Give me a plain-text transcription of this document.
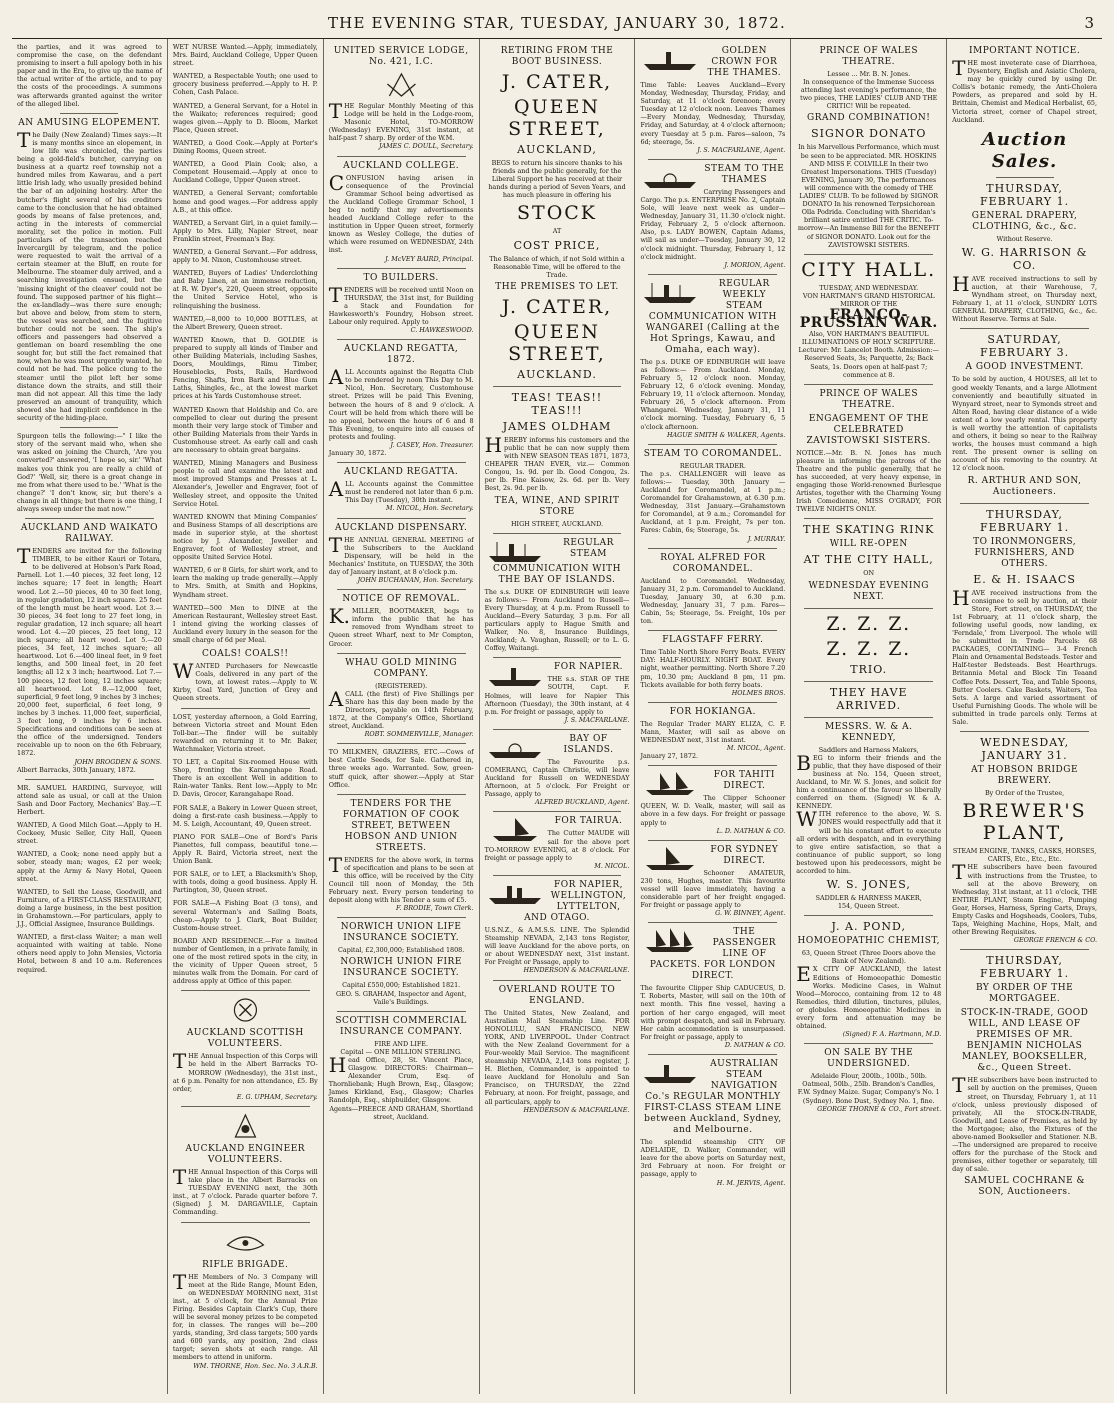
THE EVENING STAR, TUESDAY, JANUARY 30, 1872.	3
the parties, and it was agreed to compromise the case, on the defendant promising to insert a full apology both in his paper and in the Era, to give up the name of the actual writer of the article, and to pay the costs of the proceedings. A summons was afterwards granted against the writer of the alleged libel.
AN AMUSING ELOPEMENT.
The Daily (New Zealand) Times says:—It is many months since an elopement, in low life was chronicled, the parties being a gold-field's butcher, carrying on business at a quartz reef township not a hundred miles from Kawarau, and a pert little Irish lady, who usually presided behind the bar of an adjoining hostelry. After the butcher's flight several of his creditors came to the conclusion that he had obtained goods by means of false pretences, and, acting in the interests of commercial morality, set the police in motion. Full particulars of the transaction reached Invercargill by telegram, and the police were requested to wait the arrival of a certain steamer at the Bluff, en route for Melbourne. The steamer duly arrived, and a searching investigation ensued, but the 'missing knight of the cleaver' could not be found. The supposed partner of his flight—the ex-landlady—was there sure enough; but above and below, from stem to stern, the vessel was searched, and the fugitive butcher could not be seen. The ship's officers and passengers had observed a gentleman on board resembling the one sought for, but still the fact remained that now, when he was most urgently wanted, he could not be had. The police clung to the steamer until the pilot left her some distance down the straits, and still their man did not appear. All this time the lady preserved an amount of tranquility, which showed she had implicit confidence in the security of the hiding-place.
Spurgeon tells the following:—" I like the story of the servant maid who, when she was asked on joining the Church, 'Are you converted?' answered, 'I hope so, sir.' 'What makes you think you are really a child of God?' 'Well, sir, there is a great change in me from what there used to be.' 'What is the change?' 'I don't know, sir, but there's a change in all things; but there is one thing, I always sweep under the mat now.'"
AUCKLAND AND WAIKATO RAILWAY.
TENDERS are invited for the following TIMBER, to be either Kauri or Totara, to be delivered at Hobson's Park Road, Parnell. Lot 1.—40 pieces, 32 feet long, 12 inches square; 17 feet in length; Heart wood. Lot 2.—50 pieces, 40 to 30 feet long, in regular gradation, 12 inch square. 25 feet of the length must be heart wood. Lot 3.—30 pieces, 34 feet long to 27 feet long, in regular gradation, 12 inch square; all heart wood. Lot 4.—20 pieces, 25 feet long, 12 inch square; all heart wood. Lot 5.—20 pieces, 34 feet, 12 inches square; all heartwood. Lot 6.—400 lineal feet, in 9 feet lengths, and 500 lineal feet, in 20 feet lengths; all 12 x 3 inch; heartwood. Lot 7.—100 pieces, 12 feet long, 12 inches square; all heartwood. Lot 8.—12,000 feet, superficial, 9 feet long, 9 inches by 3 inches; 20,000 feet, superficial, 6 feet long, 9 inches by 3 inches. 11,000 feet, superficial, 3 feet long, 9 inches by 6 inches. Specifications and conditions can be seen at the office of the undersigned. Tenders receivable up to noon on the 6th February, 1872.
JOHN BROGDEN & SONS.
Albert Barracks, 30th January, 1872.
MR. SAMUEL HARDING, Surveyor, will attend sale as usual, or call at the Union Sash and Door Factory, Mechanics' Bay.—T. Herbert.
WANTED, A Good Milch Goat.—Apply to H. Cockeey, Music Seller, City Hall, Queen street.
WANTED, a Cook; none need apply but a sober, steady man; wages, £2 per week; apply at the Army & Navy Hotel, Queen street.
WANTED, to Sell the Lease, Goodwill, and Furniture, of a FIRST-CLASS RESTAURANT, doing a large business, in the best position in Grahamstown.—For particulars, apply to J.J., Official Assignee, Insurance Buildings.
WANTED, a first-class Waiter; a man well acquainted with waiting at table. None others need apply to John Mensies, Victoria Hotel, between 8 and 10 a.m. References required.
WET NURSE Wanted.—Apply, immediately, Mrs. Baird, Auckland College, Upper Queen street.
WANTED, a Respectable Youth; one used to grocery business preferred.—Apply to H. P. Cohen, Cash Palace.
WANTED, a General Servant, for a Hotel in the Waikato; references required; good wages given.—Apply to D. Bloom, Market Place, Queen street.
WANTED, a Good Cook.—Apply at Porter's Dining Rooms, Queen street.
WANTED, a Good Plain Cook; also, a Competent Housemaid.—Apply at once to Auckland College, Upper Queen street.
WANTED, a General Servant; comfortable home and good wages.—For address apply A.B., at this office.
WANTED, a Servant Girl, in a quiet family.—Apply to Mrs. Lilly, Napier Street, near Franklin street, Freeman's Bay.
WANTED, a General Servant.—For address, apply to M. Nixon, Customhouse street.
WANTED, Buyers of Ladies' Underclothing and Baby Linen, at an immense reduction, at R. W. Dyer's, 220, Queen street, opposite the United Service Hotel, who is relinquishing the business.
WANTED,—8,000 to 10,000 BOTTLES, at the Albert Brewery, Queen street.
WANTED Known, that D. GOLDIE is prepared to supply all kinds of Timber and other Building Materials, including Sashes, Doors, Mouldings, Rimu Timber, Houseblocks, Posts, Rails, Hardwood Fencing, Shafts, Iron Bark and Blue Gum Laths, Shingles, &c., at the lowest market prices at his Yards Customhouse street.
WANTED Known that Holdship and Co. are compelled to clear out during the present month their very large stock of Timber and other Building Materials from their Yards in Customhouse street. As early call and cash are necessary to obtain great bargains.
WANTED, Mining Managers and Business people to call and examine the latest and most improved Stamps and Presses at L. Alexander's, Jeweller and Engraver, foot of Wellesley street, and opposite the United Service Hotel.
WANTED KNOWN that Mining Companies' and Business Stamps of all descriptions are made in superior style, at the shortest notice by J. Alexander, Jeweller and Engraver, foot of Wellesley street, and opposite United Service Hotel.
WANTED, 6 or 8 Girls, for shirt work, and to learn the making up trade generally.—Apply to Mrs. Smith, at Smith and Hopkins, Wyndham street.
WANTED—500 Men to DINE at the American Restaurant, Wellesley street East. I intend giving the working classes of Auckland every luxury in the season for the small charge of 6d per Meal.
COALS! COALS!!
WANTED Purchasers for Newcastle Coals, delivered in any part of the town, at lowest rates.—Apply to W. Kirby, Coal Yard, Junction of Grey and Queen streets.
LOST, yesterday afternoon, a Gold Earring, between Victoria street and Mount Eden Toll-bar.—The finder will be suitably rewarded on returning it to Mr. Baker, Watchmaker, Victoria street.
TO LET, a Capital Six-roomed House with Shop, fronting the Karangahape Road. There is an excellent Well in addition to Rain-water Tanks. Rent low.—Apply to Mr. D. Davis, Grocer, Karangahape Road.
FOR SALE, a Bakery in Lower Queen street, doing a first-rate cash business.—Apply to M. S. Leigh, Accountant, 49, Queen street.
PIANO FOR SALE—One of Bord's Paris Pianettes, full compass, beautiful tone.—Apply R. Baird, Victoria street, next the Union Bank.
FOR SALE, or to LET, a Blacksmith's Shop, with tools, doing a good business. Apply H. Partington, 30, Queen street.
FOR SALE—A Fishing Boat (3 tons), and several Waterman's and Sailing Boats, cheap.—Apply to J. Clark, Boat Builder, Custom-house street.
BOARD AND RESIDENCE.—For a limited number of Gentlemen, in a private family, in one of the most retired spots in the city, in the vicinity of Upper Queen street, 5 minutes walk from the Domain. For card of address apply at Office of this paper.
AUCKLAND SCOTTISH VOLUNTEERS.
THE Annual Inspection of this Corps will be held in the Albert Barracks TO-MORROW (Wednesday), the 31st inst., at 6 p.m. Penalty for non attendance, £5. By order,
E. G. UPHAM, Secretary.
AUCKLAND ENGINEER VOLUNTEERS.
THE Annual Inspection of this Corps will take place in the Albert Barracks on TUESDAY EVENING next, the 30th inst., at 7 o'clock. Parade quarter before 7. (Signed) J. M. DARGAVILLE, Captain Commanding.
RIFLE BRIGADE.
THE Members of No. 3 Company will meet at the Ride Range, Mount Eden, on WEDNESDAY MORNING next, 31st inst., at 5 o'clock, for the Annual Prize Firing. Besides Captain Clark's Cup, there will be several money prizes to be competed for, in classes. The ranges will be—200 yards, standing, 3rd class targets; 500 yards and 600 yards, any position, 2nd class target; seven shots at each range. All members to attend in uniform.
WM. THORNE, Hon. Sec. No. 3 A.R.B.
UNITED SERVICE LODGE, No. 421, I.C.
THE Regular Monthly Meeting of this Lodge will be held in the Lodge-room, Masonic Hotel, TO-MORROW (Wednesday) EVENING, 31st instant, at half-past 7 sharp. By order of the W.M.
JAMES C. DOULL, Secretary.
AUCKLAND COLLEGE.
CONFUSION having arisen in consequence of the Provincial Grammar School being advertised as the Auckland College Grammar School, I beg to notify that my advertisements headed Auckland College refer to the institution in Upper Queen street, formerly known as Wesley College, the duties of which were resumed on WEDNESDAY, 24th inst.
J. McVEY BAIRD, Principal.
TO BUILDERS.
TENDERS will be received until Noon on THURSDAY, the 31st inst, for Building a Stack and Foundation for Hawkesworth's Foundry, Hobson street. Labour only required. Apply to
C. HAWKESWOOD.
AUCKLAND REGATTA, 1872.
ALL Accounts against the Regatta Club to be rendered by noon This Day to M. Nicol, Hon. Secretary, Customhouse street. Prizes will be paid This Evening, between the hours of 8 and 9 o'clock. A Court will be held from which there will be no appeal, between the hours of 6 and 8 This Evening, to enquire into all causes of protests and fouling.
J. CASEY, Hon. Treasurer.
January 30, 1872.
AUCKLAND REGATTA.
ALL Accounts against the Committee must be rendered not later than 6 p.m. This Day (Tuesday), 30th instant.
M. NICOL, Hon. Secretary.
AUCKLAND DISPENSARY.
THE ANNUAL GENERAL MEETING of the Subscribers to the Auckland Dispensary, will be held in the Mechanics' Institute, on TUESDAY, the 30th day of January instant, at 8 o'clock p.m.
JOHN BUCHANAN, Hon. Secretary.
NOTICE OF REMOVAL.
K.MILLER, BOOTMAKER, begs to inform the public that he has removed from Wyndham street to Queen street Wharf, next to Mr Compton, Grocer.
WHAU GOLD MINING COMPANY.
(REGISTERED).
ACALL (the first) of Five Shillings per Share has this day been made by the Directors, payable on 14th February, 1872, at the Company's Office, Shortland street, Auckland.
ROBT. SOMMERVILLE, Manager.
TO MILKMEN, GRAZIERS, ETC.—Cows of best Cattle Seeds, for Sale. Gathered in, three weeks ago. Warranted. Sow, green-stuff quick, after shower.—Apply at Star Office.
TENDERS FOR THE FORMATION OF COOK STREET, BETWEEN HOBSON AND UNION STREETS.
TENDERS for the above work, in terms of specification and plans to be seen at this office, will be received by the City Council till noon of Monday, the 5th February next. Every person tendering to deposit along with his Tender a sum of £5.
F. BRODIE, Town Clerk.
NORWICH UNION LIFE INSURANCE SOCIETY.
Capital, £2,300,000; Established 1808.
NORWICH UNION FIRE INSURANCE SOCIETY.
Capital £550,000; Established 1821.
GEO. S. GRAHAM, Inspector and Agent, Vaile's Buildings.
SCOTTISH COMMERCIAL INSURANCE COMPANY.
FIRE AND LIFE.
Capital — ONE MILLION STERLING.
Head Office, 28, St. Vincent Place, Glasgow. DIRECTORS: Chairman—Alexander Crum, Esq. of Thornliebank; Hugh Brown, Esq., Glasgow; James Kirkland, Esq., Glasgow; Charles Randolph, Esq., shipbuilder, Glasgow.
Agents—PREECE AND GRAHAM, Shortland street, Auckland.
RETIRING FROM THE BOOT BUSINESS.
J. CATER,
QUEEN STREET,
AUCKLAND,
BEGS to return his sincere thanks to his friends and the public generally, for the Liberal Support he has received at their hands during a period of Seven Years, and has much pleasure in offering his
STOCK
AT
COST PRICE,
The Balance of which, if not Sold within a Reasonable Time, will be offered to the Trade.
THE PREMISES TO LET.
J. CATER,
QUEEN STREET,
AUCKLAND.
TEAS! TEAS!! TEAS!!!
JAMES OLDHAM
HEREBY informs his customers and the public that he can now supply them with NEW SEASON TEAS 1871, 1873, CHEAPER THAN EVER, viz.— Common Congou, 1s. 9d. per lb. Good Congou, 2s. per lb. Fine Kaisow, 2s. 6d. per lb. Very Best, 2s. 9d. per lb.
TEA, WINE, AND SPIRIT STORE
HIGH STREET, AUCKLAND.
REGULAR STEAM COMMUNICATION WITH THE BAY OF ISLANDS.
The s.s. DUKE OF EDINBURGH will leave as follows:— From Auckland to Russell—Every Thursday, at 4 p.m. From Russell to Auckland—Every Saturday, 3 p.m. For all particulars apply to Hague Smith and Walker, No. 8, Insurance Buildings, Auckland; A. Vaughan, Russell; or to L. G. Coffey, Waitangi.
FOR NAPIER.
THE s.s. STAR OF THE SOUTH, Capt. F. Holmes, will leave for Napier This Afternoon (Tuesday), the 30th instant, at 4 p.m. For freight or passage, apply to
J. S. MACFARLANE.
BAY OF ISLANDS.
The Favourite p.s. COMERANG, Captain Christie, will leave Auckland for Russell on WEDNESDAY Afternoon, at 5 o'clock. For Freight or Passage, apply to
ALFRED BUCKLAND, Agent.
FOR TAIRUA.
The Cutter MAUDE will sail for the above port TO-MORROW EVENING, at 8 o'clock. For freight or passage apply to
M. NICOL.
FOR NAPIER, WELLINGTON, LYTTELTON, AND OTAGO.
U.S.N.Z., & A.M.S.S. LINE. The Splendid Steamship NEVADA, 2,143 tons Register, will leave Auckland for the above ports, on or about WEDNESDAY next, 31st instant. For Freight or Passage, apply to
HENDERSON & MACFARLANE.
OVERLAND ROUTE TO ENGLAND.
The United States, New Zealand, and Australian Mail Steamship Line. FOR HONOLULU, SAN FRANCISCO, NEW YORK, AND LIVERPOOL. Under Contract with the New Zealand Government for a Four-weekly Mail Service. The magnificent steamship NEVADA, 2,143 tons register, J. H. Blethen, Commander, is appointed to leave Auckland for Honolulu and San Francisco, on THURSDAY, the 22nd February, at noon. For freight, passage, and all particulars, apply to
HENDERSON & MACFARLANE.
GOLDEN CROWN FOR THE THAMES.
Time Table: Leaves Auckland—Every Monday, Wednesday, Thursday, Friday, and Saturday, at 11 o'clock forenoon; every Tuesday at 12 o'clock noon. Leaves Thames—Every Monday, Wednesday, Thursday, Friday, and Saturday, at 4 o'clock afternoon; every Tuesday at 5 p.m. Fares—saloon, 7s 6d; steerage, 5s.
J. S. MACFARLANE, Agent.
STEAM TO THE THAMES
Carrying Passengers and Cargo. The p.s. ENTERPRISE No. 2, Captain Sole, will leave next week as under—Wednesday, January 31, 11.30 o'clock night. Friday, February 2, 5 o'clock afternoon. Also, p.s. LADY BOWEN, Captain Adams, will sail as under—Tuesday, January 30, 12 o'clock midnight. Thursday, February 1, 12 o'clock midnight.
J. MORION, Agent.
REGULAR WEEKLY STEAM COMMUNICATION WITH WANGAREI (Calling at the Hot Springs, Kawau, and Omaha, each way).
The p.s. DUKE OF EDINBURGH will leave as follows:— From Auckland. Monday, February 5, 12 o'clock noon. Monday, February 12, 6 o'clock evening. Monday, February 19, 11 o'clock afternoon. Monday, February 26, 5 o'clock afternoon. From Whangarei. Wednesday, January 31, 11 o'clock morning. Tuesday, February 6, 5 o'clock afternoon.
HAGUE SMITH & WALKER, Agents.
STEAM TO COROMANDEL.
REGULAR TRADER.
The p.s. CHALLENGER will leave as follows:— Tuesday, 30th January — Auckland for Coromandel, at 1 p.m.; Coromandel for Grahamstown, at 6.30 p.m. Wednesday, 31st January.—Grahamstown for Coromandel, at 9 a.m.; Coromandel for Auckland, at 1 p.m. Freight, 7s per ton. Fares: Cabin, 6s; Steerage, 5s.
J. MURRAY.
ROYAL ALFRED FOR COROMANDEL.
Auckland to Coromandel. Wednesday, January 31, 2 p.m. Coromandel to Auckland. Tuesday, January 30, at 6.30 p.m. Wednesday, January 31, 7 p.m. Fares—Cabin, 5s; Steerage, 5s. Freight, 10s per ton.
FLAGSTAFF FERRY.
Time Table North Shore Ferry Boats. EVERY DAY: HALF-HOURLY. NIGHT BOAT. Every night, weather permitting. North Shore 7.20 pm, 10.30 pm; Auckland 8 pm, 11 pm. Tickets available for both ferry boats.
HOLMES BROS.
FOR HOKIANGA.
The Regular Trader MARY ELIZA, C. F. Mann, Master, will sail as above on WEDNESDAY next, 31st instant.
M. NICOL, Agent.
January 27, 1872.
FOR TAHITI DIRECT.
The Clipper Schooner QUEEN, W. D. Vealk, master, will sail as above in a few days. For freight or passage apply to
L. D. NATHAN & CO.
FOR SYDNEY DIRECT.
Schooner AMATEUR, 230 tons, Hughes, master. This favourite vessel will leave immediately, having a considerable part of her freight engaged. For freight or passage apply to
G. W. BINNEY, Agent.
THE PASSENGER LINE OF PACKETS. FOR LONDON DIRECT.
The favourite Clipper Ship CADUCEUS, D. T. Roberts, Master, will sail on the 10th of next month. This fine vessel, having a portion of her cargo engaged, will meet with prompt despatch, and sail in February. Her cabin accommodation is unsurpassed. For freight or passage, apply to
D. NATHAN & CO.
AUSTRALIAN STEAM NAVIGATION Co.'s REGULAR MONTHLY FIRST-CLASS STEAM LINE between Auckland, Sydney, and Melbourne.
The splendid steamship CITY OF ADELAIDE, D. Walker, Commander, will leave for the above ports on Saturday next, 3rd February at noon. For freight or passage, apply to
H. M. JERVIS, Agent.
PRINCE OF WALES THEATRE.
Lessee ... Mr. B. N. Jones.
In consequence of the Immense Success attending last evening's performance, the two pieces, THE LADIES' CLUB AND THE CRITIC! Will be repeated.
GRAND COMBINATION!
SIGNOR DONATO
In his Marvellous Performance, which must be seen to be appreciated. MR. HOSKINS AND MISS F. COLVILLE In their two Greatest Impersonations. THIS (Tuesday) EVENING, January 30, The performances will commence with the comedy of THE LADIES' CLUB. To be followed by SIGNOR DONATO In his renowned Terpsichorean Olla Podrida. Concluding with Sheridan's brilliant satire entitled THE CRITIC. To-morrow—An Immense Bill for the BENEFIT of SIGNOR DONATO. Look out for the ZAVISTOWSKI SISTERS.
CITY HALL.
TUESDAY, AND WEDNESDAY.
VON HARTMAN'S GRAND HISTORICAL MIRROR OF THE
FRANCO-PRUSSIAN WAR.
Also, VON HARTMAN'S BEAUTIFUL ILLUMINATIONS OF HOLY SCRIPTURE.
Lecturer: Mr. Lancelot Booth. Admission:—Reserved Seats, 3s; Parquette, 2s; Back Seats, 1s. Doors open at half-past 7; commence at 8.
PRINCE OF WALES THEATRE.
ENGAGEMENT OF THE CELEBRATED ZAVISTOWSKI SISTERS.
NOTICE.—Mr. B. N. Jones has much pleasure in informing the patrons of the Theatre and the public generally, that he has succeeded, at very heavy expense, in engaging those World-renowned Burlesque Artistes, together with the Charming Young Irish Comedienne, MISS O'GRADY, FOR TWELVE NIGHTS ONLY.
THE SKATING RINK
WILL RE-OPEN
AT THE CITY HALL,
ON
WEDNESDAY EVENING NEXT.
Z. Z. Z.
Z. Z. Z.
TRIO.
THEY HAVE ARRIVED.
MESSRS. W. & A. KENNEDY,
Saddlers and Harness Makers,
BEG to inform their friends and the public, that they have disposed of their business at No. 154, Queen street, Auckland, to Mr. W. S. Jones, and solicit for him a continuance of the favour so liberally conferred on them. (Signed) W. & A. KENNEDY.
WITH reference to the above, W. S. JONES would respectfully add that it will be his constant effort to execute all orders with despatch, and in everything to give entire satisfaction, so that a continuance of public support, so long bestowed upon his predecessors, might be accorded to him.
W. S. JONES,
SADDLER & HARNESS MAKER,
154, Queen Street.
J. A. POND,
HOMOEOPATHIC CHEMIST,
63, Queen Street (Three Doors above the Bank of New Zealand).
EX CITY OF AUCKLAND, the latest Editions of Homoeopathic Domestic Works. Medicine Cases, in Walnut Wood—Morocco, containing from 12 to 48 Remedies, third dilution, tinctures, pilules, or globules. Homoeopathic Medicines in every form and attenuation may be obtained.
(Signed) F. A. Hartmann, M.D.
ON SALE BY THE UNDERSIGNED.
Adelaide Flour, 200lb., 100lb., 50lb. Oatmeal, 50lb., 25lb. Brandon's Candles, F.W. Sydney Maize. Sugar, Company's No. 1 (Sydney). Bone Dust, Sydney No. 1, fine.
GEORGE THORNE & CO., Fort street.
IMPORTANT NOTICE.
THE most inveterate case of Diarrhoea, Dysentery, English and Asiatic Cholera, may be quickly cured by using Dr. Collis's botanic remedy, the Anti-Cholera Powders, as prepared and sold by H. Brittain, Chemist and Medical Herbalist, 65, Victoria street, corner of Chapel street, Auckland.
Auction Sales.
THURSDAY, FEBRUARY 1.
GENERAL DRAPERY, CLOTHING, &c., &c.
Without Reserve.
W. G. HARRISON & CO.
HAVE received instructions to sell by auction, at their Warehouse, 7, Wyndham street, on Thursday next, February 1, at 11 o'clock, SUNDRY LOTS GENERAL DRAPERY, CLOTHING, &c., &c. Without Reserve. Terms at Sale.
SATURDAY, FEBRUARY 3.
A GOOD INVESTMENT.
To be sold by auction, 4 HOUSES, all let to good weekly Tenants, and a large Allotment conveniently and beautifully situated in Wynyard street, near to Symonds street and Alten Road, having clear distance of a wide extent of a low yearly rental. This property is well worthy the attention of capitalists and others, it being so near to the Railway works, the houses must command a high rent. The present owner is selling on account of his removing to the country. At 12 o'clock noon.
R. ARTHUR AND SON, Auctioneers.
THURSDAY, FEBRUARY 1.
TO IRONMONGERS, FURNISHERS, AND OTHERS.
E. & H. ISAACS
HAVE received instructions from the consignee to sell by auction, at their Store, Fort street, on THURSDAY, the 1st February, at 11 o'clock sharp, the following useful goods, now landing, ex 'Ferndale,' from Liverpool. The whole will be submitted in Trade Parcels: 68 PACKAGES, CONTAINING— 3-4 French Plain and Ornamental Bedsteads. Tester and Half-tester Bedsteads. Best Hearthrugs. Britannia Metal and Block Tin Teaand Coffee Pots. Dessert, Tea, and Table Spoons, Butter Coolers. Cake Baskets, Waiters, Tea Sets. A large and varied assortment of Useful Furnishing Goods. The whole will be submitted in trade parcels only. Terms at Sale.
WEDNESDAY, JANUARY 31.
AT HOBSON BRIDGE BREWERY.
By Order of the Trustee,
BREWER'S PLANT,
STEAM ENGINE, TANKS, CASKS, HORSES, CARTS, Etc., Etc., Etc.
THE subscribers have been favoured with instructions from the Trustee, to sell at the above Brewery, on Wednesday, 31st instant, at 11 o'clock, THE ENTIRE PLANT, Steam Engine, Pumping Gear, Horses, Harness, Spring Carts, Drays, Empty Casks and Hogsheads, Coolers, Tubs, Taps, Weighing Machine, Hops, Malt, and other Brewing Requisites.
GEORGE FRENCH & CO.
THURSDAY, FEBRUARY 1.
BY ORDER OF THE MORTGAGEE.
STOCK-IN-TRADE, GOOD WILL, AND LEASE OF PREMISES OF MR. BENJAMIN NICHOLAS MANLEY, BOOKSELLER, &c., Queen Street.
THE subscribers have been instructed to sell by auction on the premises, Queen street, on Thursday, February 1, at 11 o'clock, unless previously disposed of privately, All the STOCK-IN-TRADE, Goodwill, and Lease of Premises, as held by the Mortgagee; also, the Fixtures of the above-named Bookseller and Stationer. N.B.—The undersigned are prepared to receive offers for the purchase of the Stock and premises, either together or separately, till day of sale.
SAMUEL COCHRANE & SON, Auctioneers.
